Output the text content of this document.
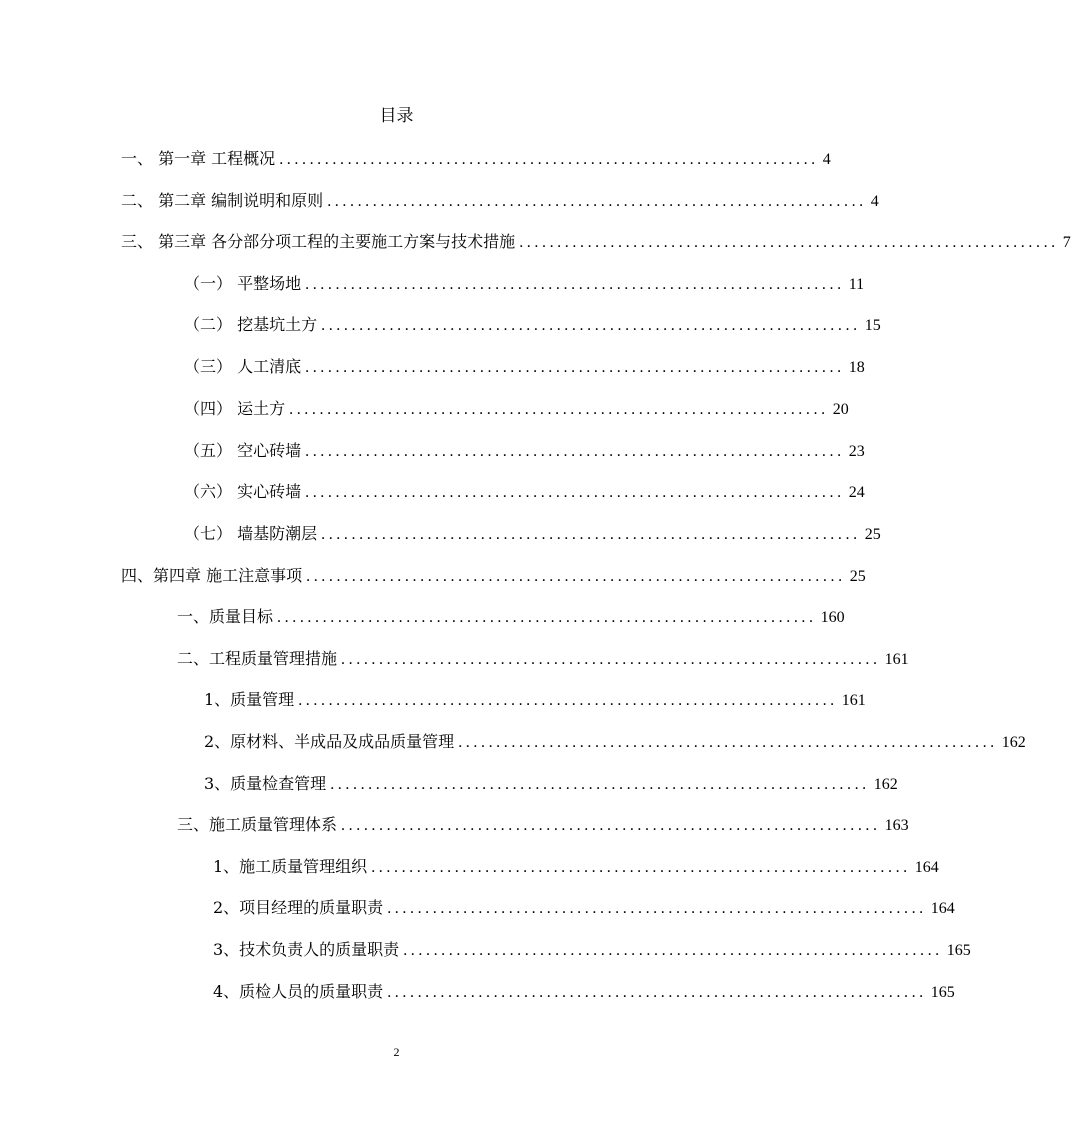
目录
一、 第一章 工程概况 ....................................................................... 4
二、 第二章 编制说明和原则 ....................................................................... 4
三、 第三章 各分部分项工程的主要施工方案与技术措施 ....................................................................... 7
（一） 平整场地 ....................................................................... 11
（二） 挖基坑土方 ....................................................................... 15
（三） 人工清底 ....................................................................... 18
（四） 运土方 ....................................................................... 20
（五） 空心砖墙 ....................................................................... 23
（六） 实心砖墙 ....................................................................... 24
（七） 墙基防潮层 ....................................................................... 25
四、第四章 施工注意事项 ....................................................................... 25
一、质量目标 ....................................................................... 160
二、工程质量管理措施 ....................................................................... 161
1、质量管理 ....................................................................... 161
2、原材料、半成品及成品质量管理 ....................................................................... 162
3、质量检查管理 ....................................................................... 162
三、施工质量管理体系 ....................................................................... 163
1、施工质量管理组织 ....................................................................... 164
2、项目经理的质量职责 ....................................................................... 164
3、技术负责人的质量职责 ....................................................................... 165
4、质检人员的质量职责 ....................................................................... 165
2
